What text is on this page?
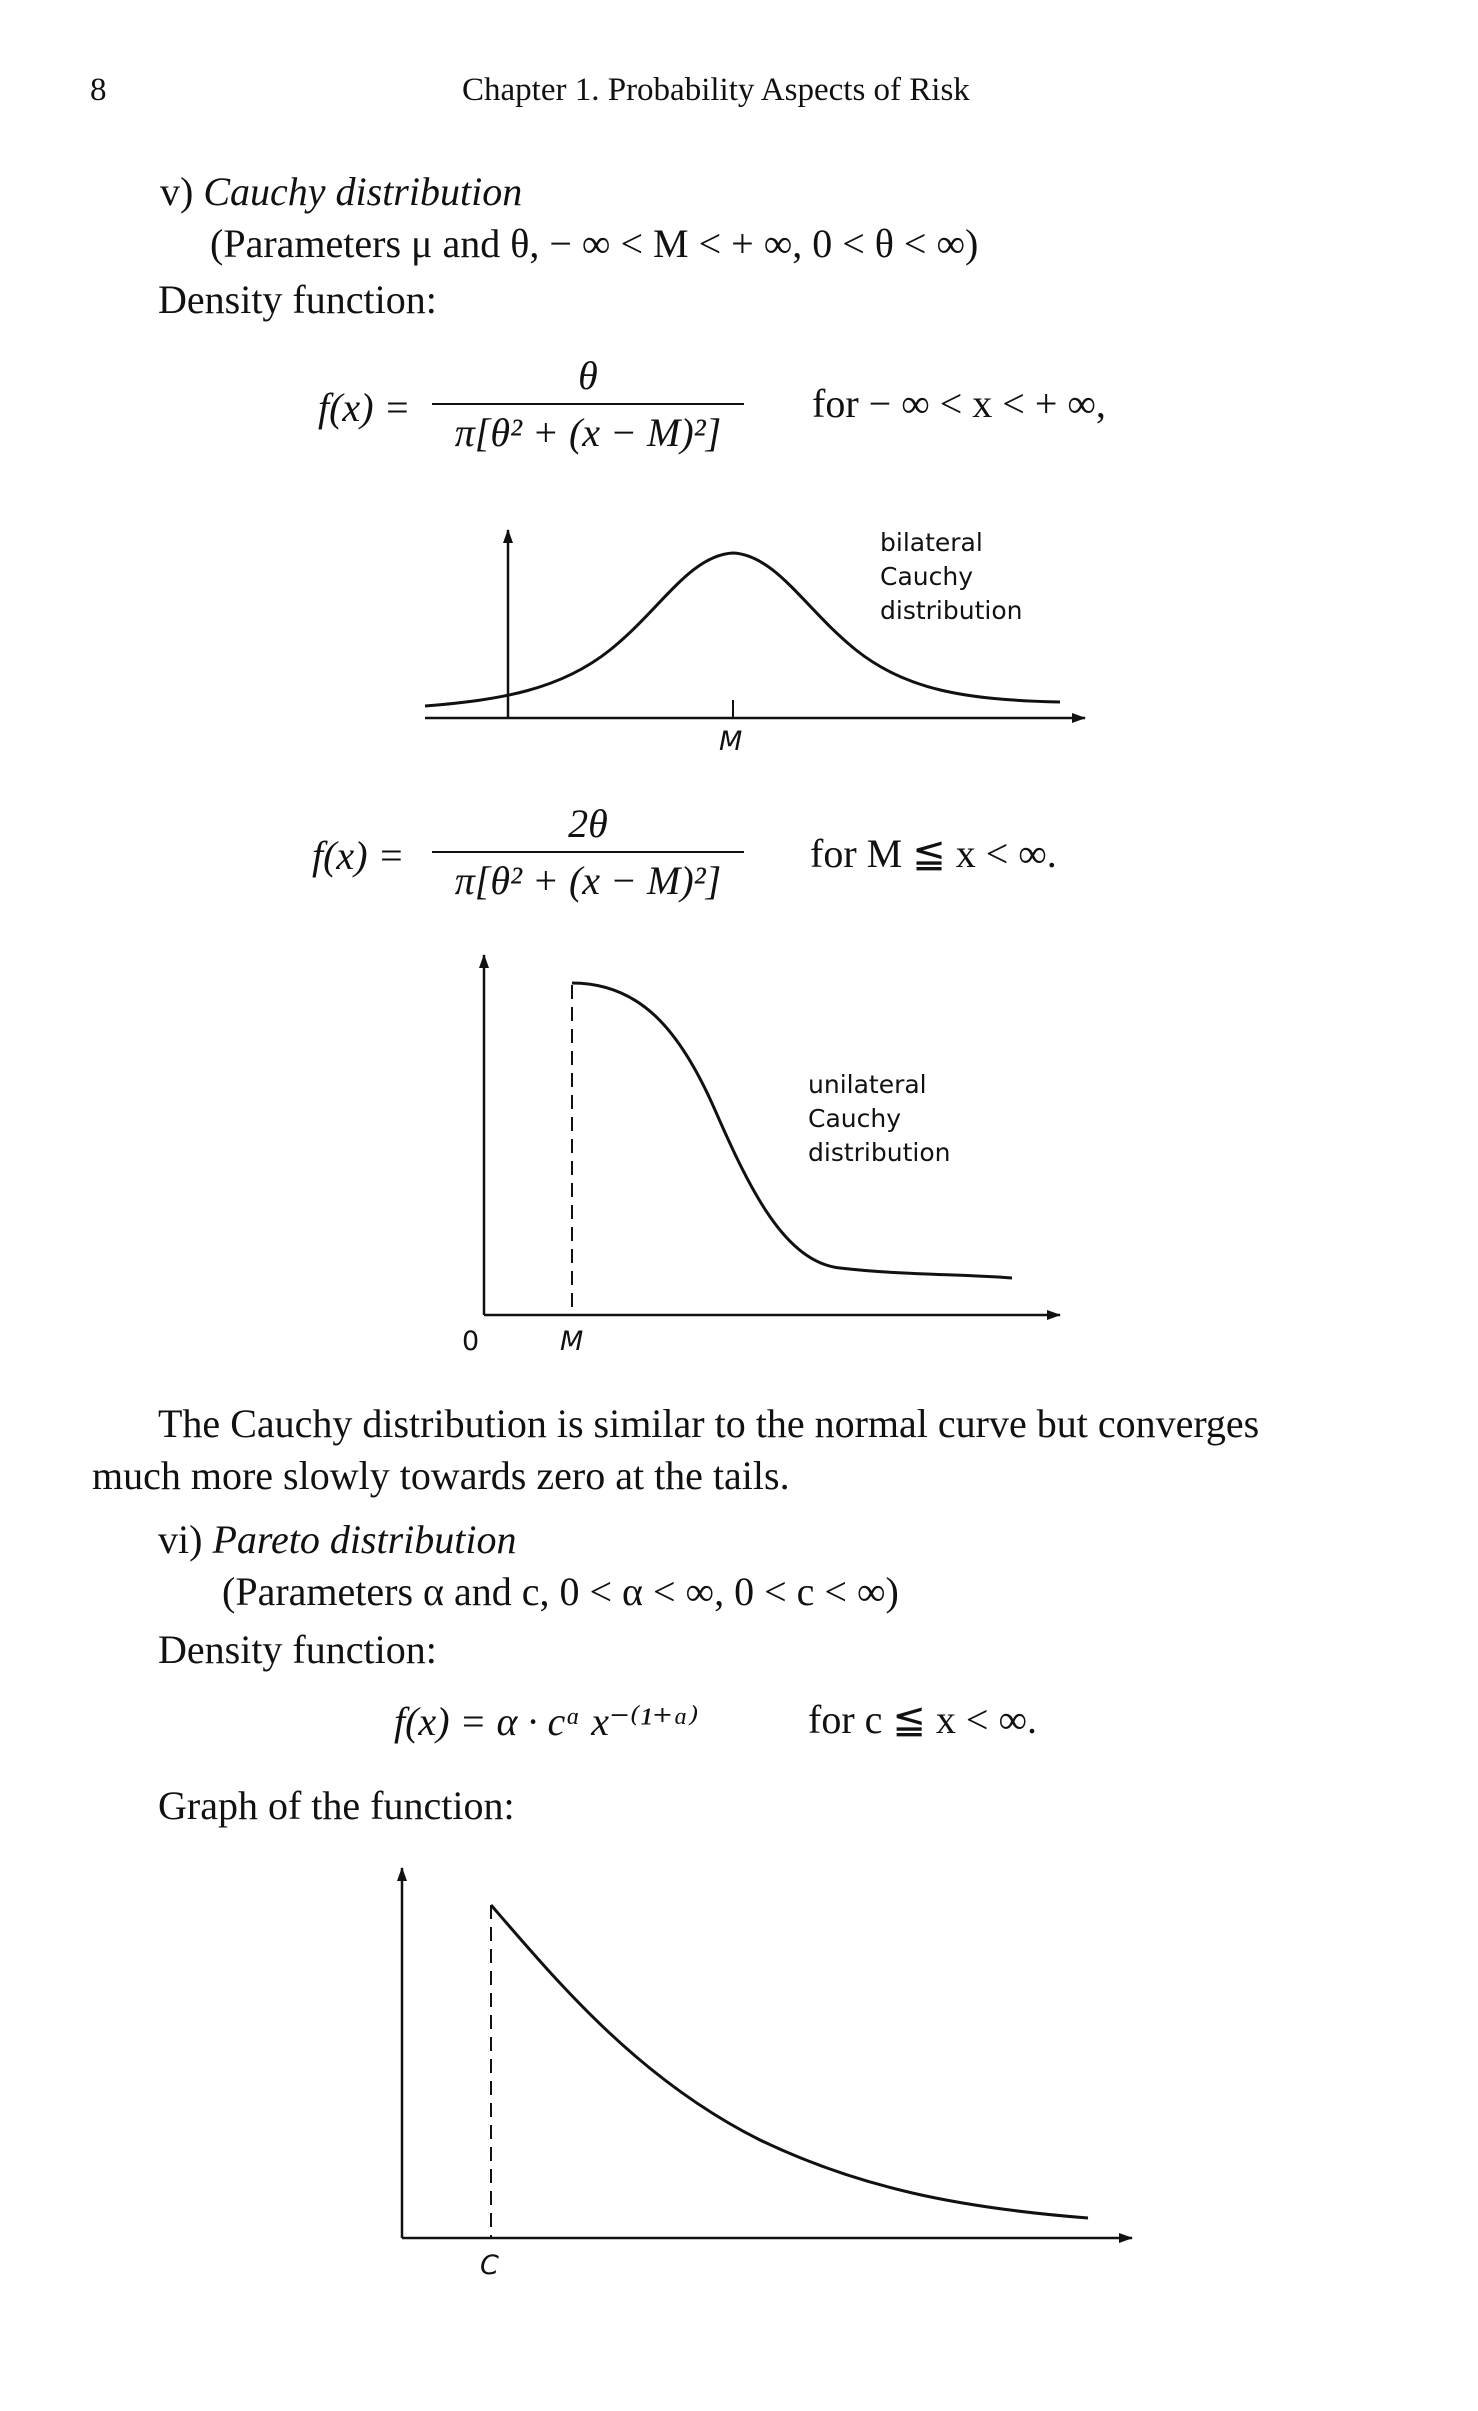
8	Chapter 1. Probability Aspects of Risk
v) Cauchy distribution
(Parameters μ and θ, − ∞ < M < + ∞, 0 < θ < ∞)
Density function:
f(x) =
θ
π[θ² + (x − M)²]
for − ∞ < x < + ∞,
bilateral
Cauchy
distribution
M
f(x) =
2θ
π[θ² + (x − M)²]
for M ≦ x < ∞.
unilateral
Cauchy
distribution
0	M
The Cauchy distribution is similar to the normal curve but converges
much more slowly towards zero at the tails.
vi) Pareto distribution
(Parameters α and c, 0 < α < ∞, 0 < c < ∞)
Density function:
f(x) = α · cᵅ x⁻⁽¹⁺ᵅ⁾	for c ≦ x < ∞.
Graph of the function:
C
